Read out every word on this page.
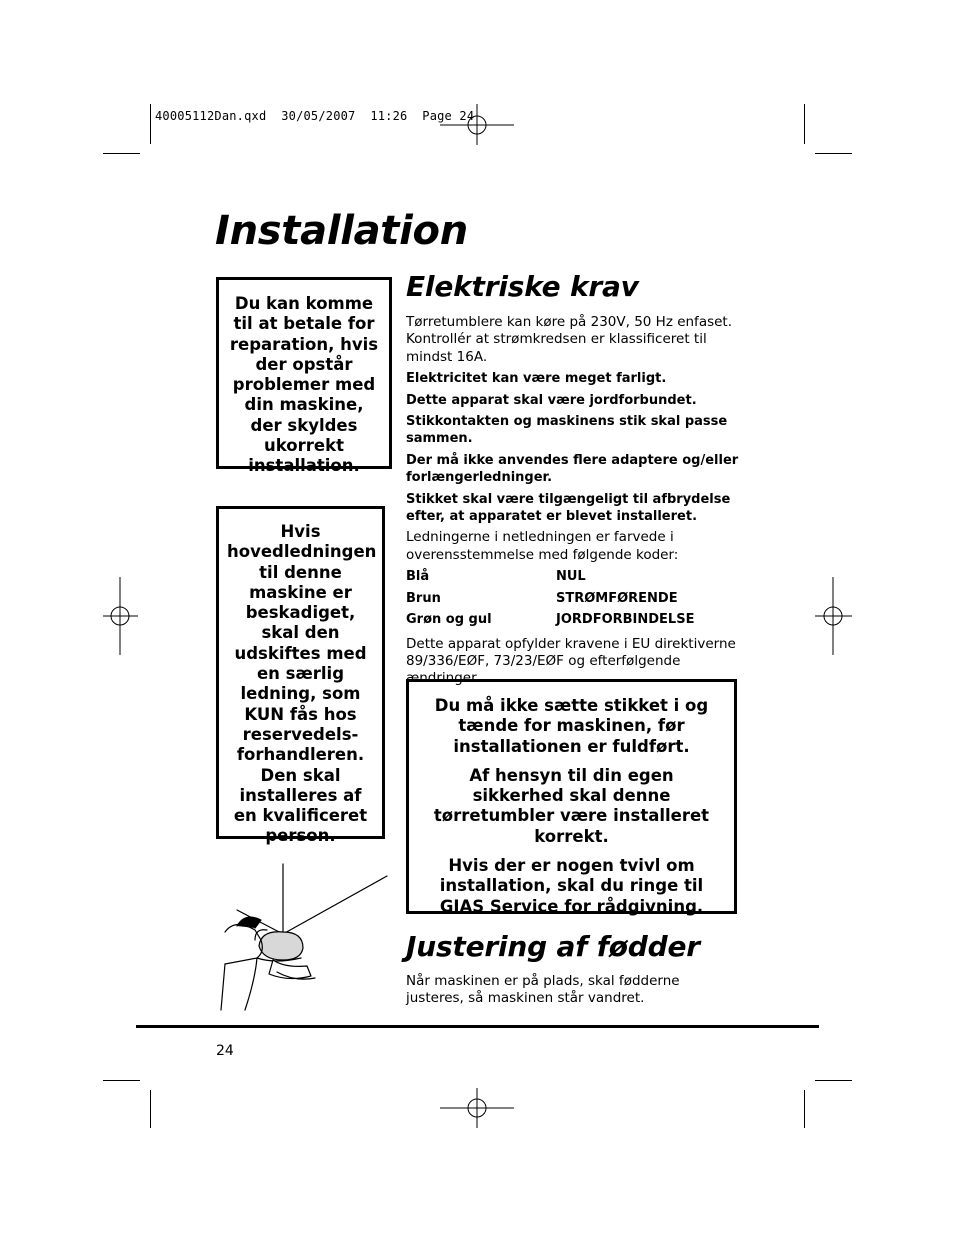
40005112Dan.qxd  30/05/2007  11:26  Page 24
Installation

Du kan komme til at betale for reparation, hvis der opstår problemer med din maskine, der skyldes ukorrekt installation.

Hvis hovedledningen til denne maskine er beskadiget, skal den udskiftes med en særlig ledning, som KUN fås hos reservedels-forhandleren. Den skal installeres af en kvalificeret person.

Elektriske krav

Tørretumblere kan køre på 230V, 50 Hz enfaset. Kontrollér at strømkredsen er klassificeret til mindst 16A.

Elektricitet kan være meget farligt.

Dette apparat skal være jordforbundet.

Stikkontakten og maskinens stik skal passe sammen.

Der må ikke anvendes flere adaptere og/eller forlængerledninger.

Stikket skal være tilgængeligt til afbrydelse efter, at apparatet er blevet installeret.

Ledningerne i netledningen er farvede i overensstemmelse med følgende koder:

Blå	NUL
Brun	STRØMFØRENDE
Grøn og gul	JORDFORBINDELSE

Dette apparat opfylder kravene i EU direktiverne 89/336/EØF, 73/23/EØF og efterfølgende ændringer.

Du må ikke sætte stikket i og tænde for maskinen, før installationen er fuldført.

Af hensyn til din egen sikkerhed skal denne tørretumbler være installeret korrekt.

Hvis der er nogen tvivl om installation, skal du ringe til GIAS Service for rådgivning.

Justering af fødder
Når maskinen er på plads, skal fødderne justeres, så maskinen står vandret.
24
